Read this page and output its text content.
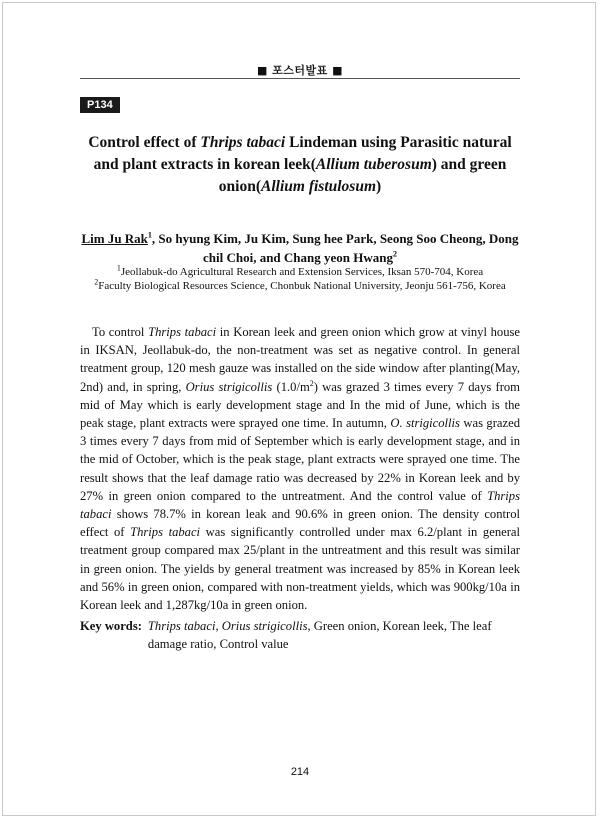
■ 포스터발표 ■
P134
Control effect of Thrips tabaci Lindeman using Parasitic natural and plant extracts in korean leek(Allium tuberosum) and green onion(Allium fistulosum)
Lim Ju Rak$^1$, So hyung Kim, Ju Kim, Sung hee Park, Seong Soo Cheong, Dong chil Choi, and Chang yeon Hwang$^2$
$^1$Jeollabuk-do Agricultural Research and Extension Services, Iksan 570-704, Korea
$^2$Faculty Biological Resources Science, Chonbuk National University, Jeonju 561-756, Korea

To control Thrips tabaci in Korean leek and green onion which grow at vinyl house in IKSAN, Jeollabuk-do, the non-treatment was set as negative control. In general treatment group, 120 mesh gauze was installed on the side window after planting(May, 2nd) and, in spring, Orius strigicollis $(1.0/m^2)$ was grazed 3 times every 7 days from mid of May which is early development stage and In the mid of June, which is the peak stage, plant extracts were sprayed one time. In autumn, O. strigicollis was grazed 3 times every 7 days from mid of September which is early development stage, and in the mid of October, which is the peak stage, plant extracts were sprayed one time. The result shows that the leaf damage ratio was decreased by 22% in Korean leek and by 27% in green onion compared to the untreatment. And the control value of Thrips tabaci shows 78.7% in korean leak and 90.6% in green onion. The density control effect of Thrips tabaci was significantly controlled under max 6.2/plant in general treatment group compared max 25/plant in the untreatment and this result was similar in green onion. The yields by general treatment was increased by 85% in Korean leek and 56% in green onion, compared with non-treatment yields, which was 900kg/10a in Korean leek and 1,287kg/10a in green onion.

Key words: Thrips tabaci, Orius strigicollis, Green onion, Korean leek, The leaf damage ratio, Control value
214
